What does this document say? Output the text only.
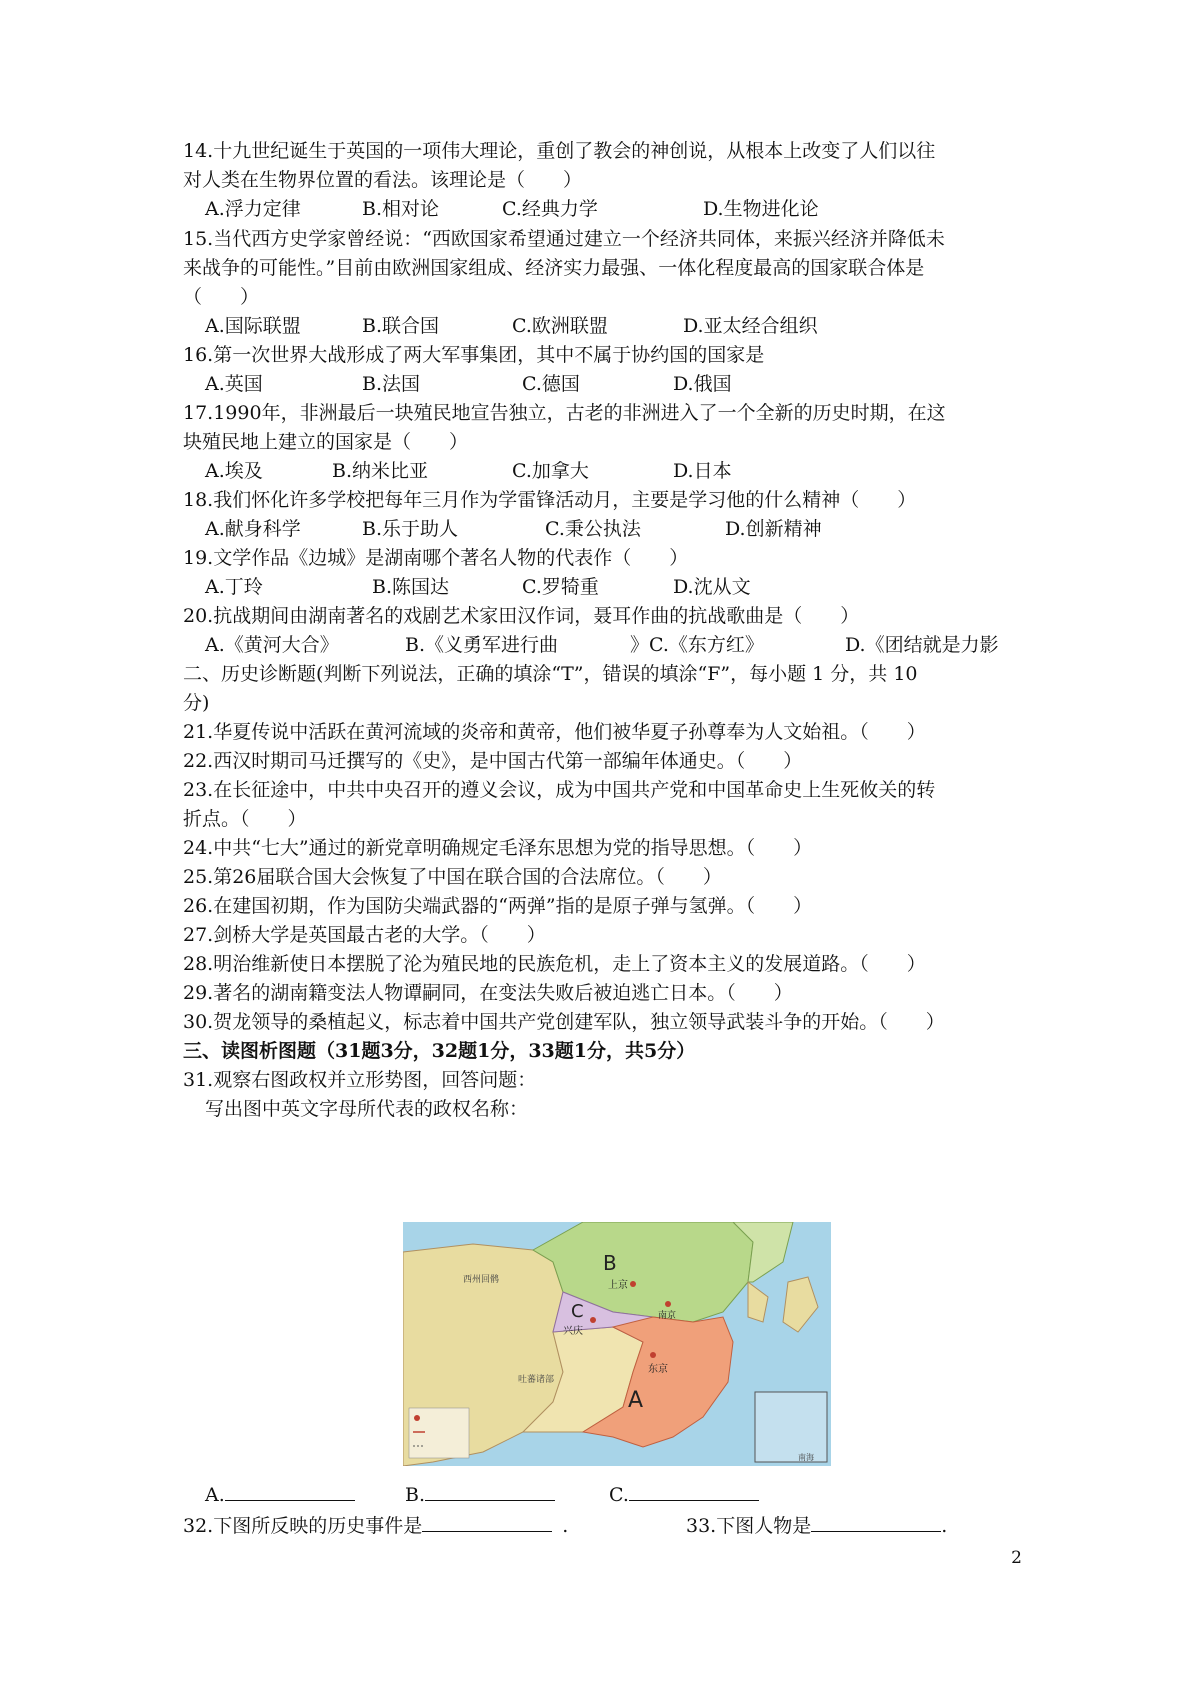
14.十九世纪诞生于英国的一项伟大理论，重创了教会的神创说，从根本上改变了人们以往
对人类在生物界位置的看法。该理论是（　　）
A.浮力定律	B.相对论	C.经典力学	D.生物进化论
15.当代西方史学家曾经说：“西欧国家希望通过建立一个经济共同体，来振兴经济并降低未
来战争的可能性。”目前由欧洲国家组成、经济实力最强、一体化程度最高的国家联合体是
（　　）
A.国际联盟	B.联合国	C.欧洲联盟	D.亚太经合组织
16.第一次世界大战形成了两大军事集团，其中不属于协约国的国家是
A.英国	B.法国	C.德国	D.俄国
17.1990年，非洲最后一块殖民地宣告独立，古老的非洲进入了一个全新的历史时期，在这
块殖民地上建立的国家是（　　）
A.埃及	B.纳米比亚	C.加拿大	D.日本
18.我们怀化许多学校把每年三月作为学雷锋活动月，主要是学习他的什么精神（　　）
A.献身科学	B.乐于助人	C.秉公执法	D.创新精神
19.文学作品《边城》是湖南哪个著名人物的代表作（　　）
A.丁玲	B.陈国达	C.罗犄重	D.沈从文
20.抗战期间由湖南著名的戏剧艺术家田汉作词，聂耳作曲的抗战歌曲是（　　）
A.《黄河大合》	B.《义勇军进行曲	》C.《东方红》	D.《团结就是力影
二、历史诊断题(判断下列说法，正确的填涂“T”，错误的填涂“F”，每小题 1 分，共 10
分)
21.华夏传说中活跃在黄河流域的炎帝和黄帝，他们被华夏子孙尊奉为人文始祖。（　　）
22.西汉时期司马迁撰写的《史》，是中国古代第一部编年体通史。（　　）
23.在长征途中，中共中央召开的遵义会议，成为中国共产党和中国革命史上生死攸关的转
折点。（　　）
24.中共“七大”通过的新党章明确规定毛泽东思想为党的指导思想。（　　）
25.第26届联合国大会恢复了中国在联合国的合法席位。（　　）
26.在建国初期，作为国防尖端武器的“两弹”指的是原子弹与氢弹。（　　）
27.剑桥大学是英国最古老的大学。（　　）
28.明治维新使日本摆脱了沦为殖民地的民族危机，走上了资本主义的发展道路。（　　）
29.著名的湖南籍变法人物谭嗣同，在变法失败后被迫逃亡日本。（　　）
30.贺龙领导的桑植起义，标志着中国共产党创建军队，独立领导武装斗争的开始。（　　）
三、读图析图题（31题3分，32题1分，33题1分，共5分）
31.观察右图政权并立形势图，回答问题：
写出图中英文字母所代表的政权名称：
上京
兴庆
南京
东京
西州回鹘
吐蕃诸部
南海
B
C
A
A.	B.	C.
32.下图所反映的历史事件是	.	33.下图人物是	.
2
